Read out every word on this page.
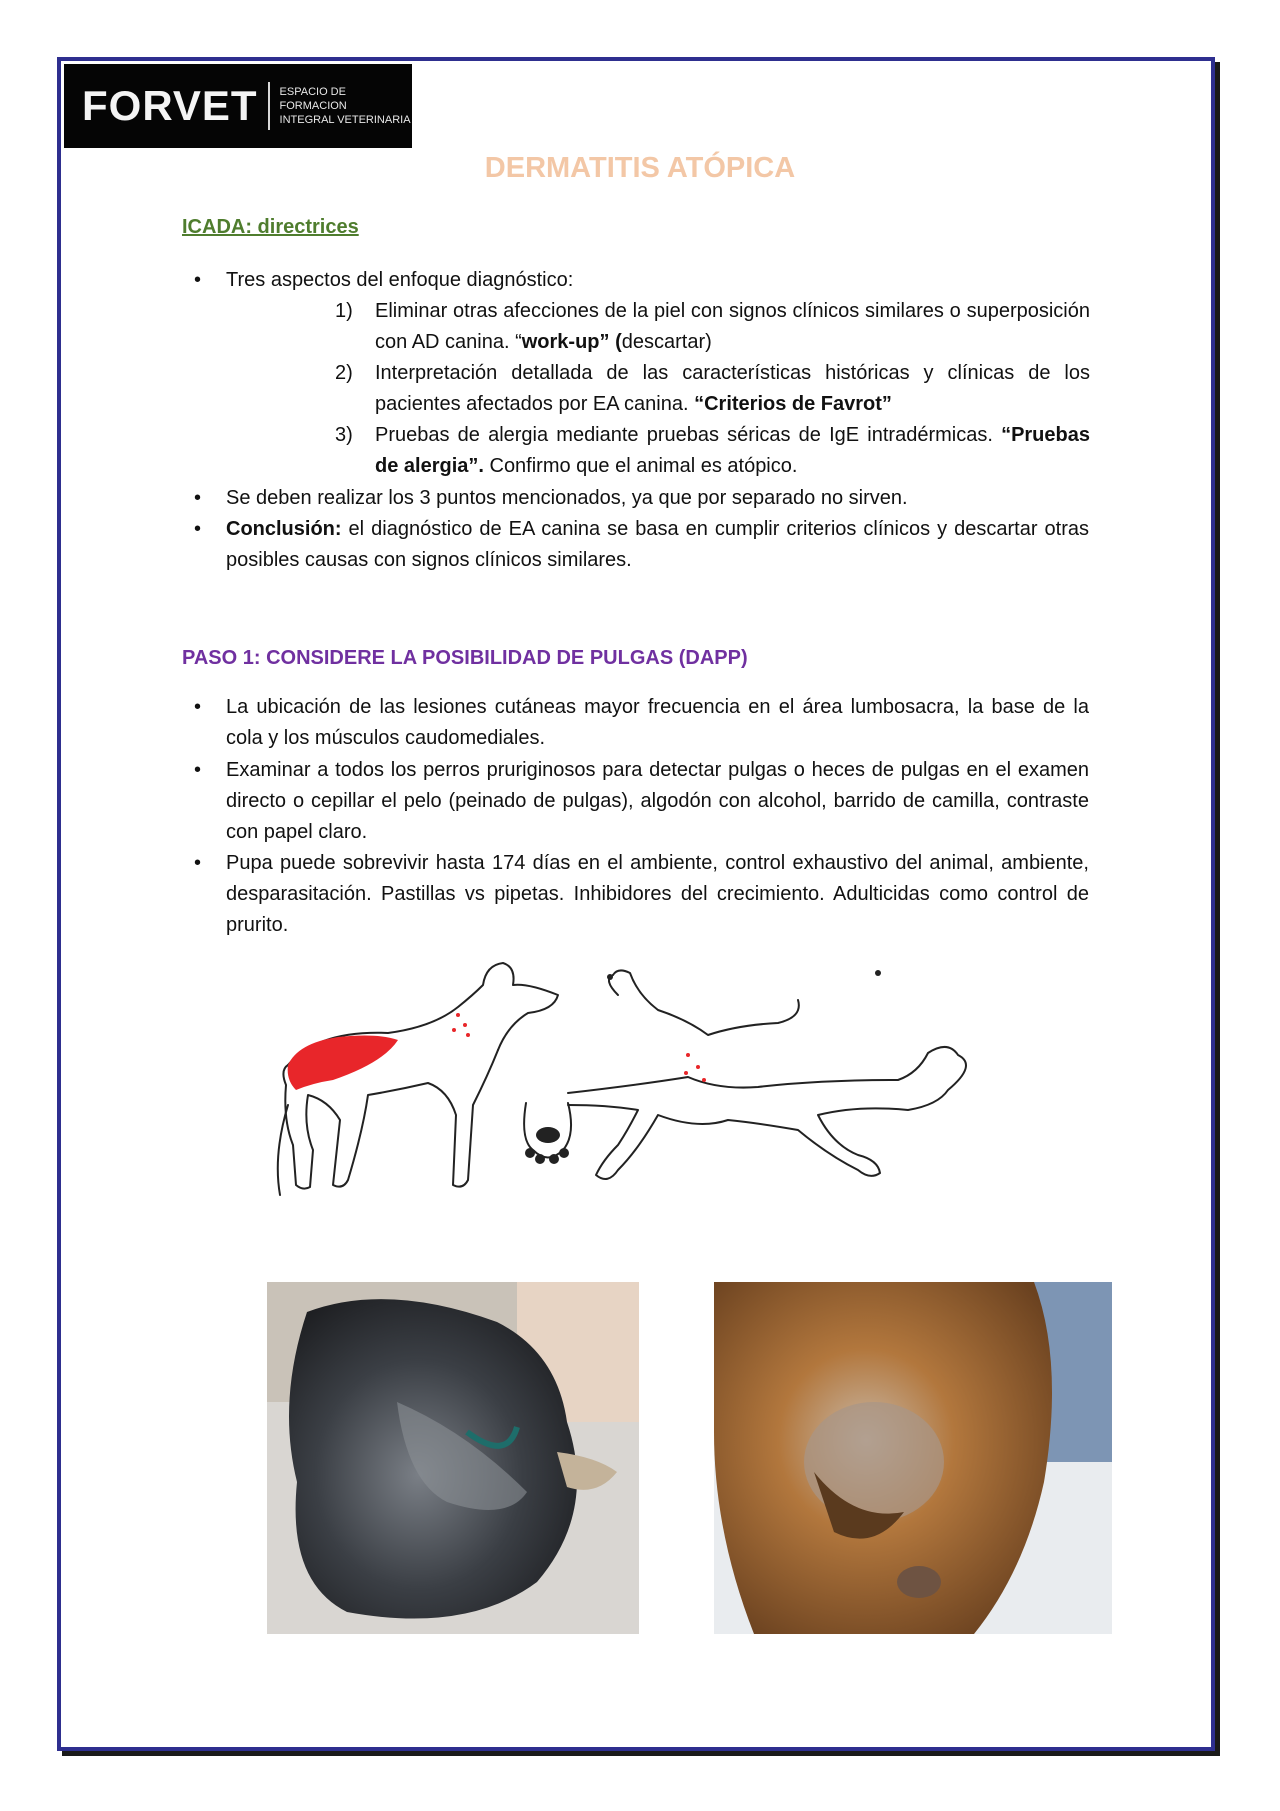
FORVET ESPACIO DE FORMACION
INTEGRAL VETERINARIA
DERMATITIS ATÓPICA
ICADA: directrices
• Tres aspectos del enfoque diagnóstico:
1) Eliminar otras afecciones de la piel con signos clínicos similares o superposición con AD canina. “work-up” (descartar)
2) Interpretación detallada de las características históricas y clínicas de los pacientes afectados por EA canina. “Criterios de Favrot”
3) Pruebas de alergia mediante pruebas séricas de IgE intradérmicas. “Pruebas de alergia”. Confirmo que el animal es atópico.
• Se deben realizar los 3 puntos mencionados, ya que por separado no sirven.
• Conclusión: el diagnóstico de EA canina se basa en cumplir criterios clínicos y descartar otras posibles causas con signos clínicos similares.
PASO 1: CONSIDERE LA POSIBILIDAD DE PULGAS (DAPP)
• La ubicación de las lesiones cutáneas mayor frecuencia en el área lumbosacra, la base de la cola y los músculos caudomediales.
• Examinar a todos los perros pruriginosos para detectar pulgas o heces de pulgas en el examen directo o cepillar el pelo (peinado de pulgas), algodón con alcohol, barrido de camilla, contraste con papel claro.
• Pupa puede sobrevivir hasta 174 días en el ambiente, control exhaustivo del animal, ambiente, desparasitación. Pastillas vs pipetas. Inhibidores del crecimiento. Adulticidas como control de prurito.
